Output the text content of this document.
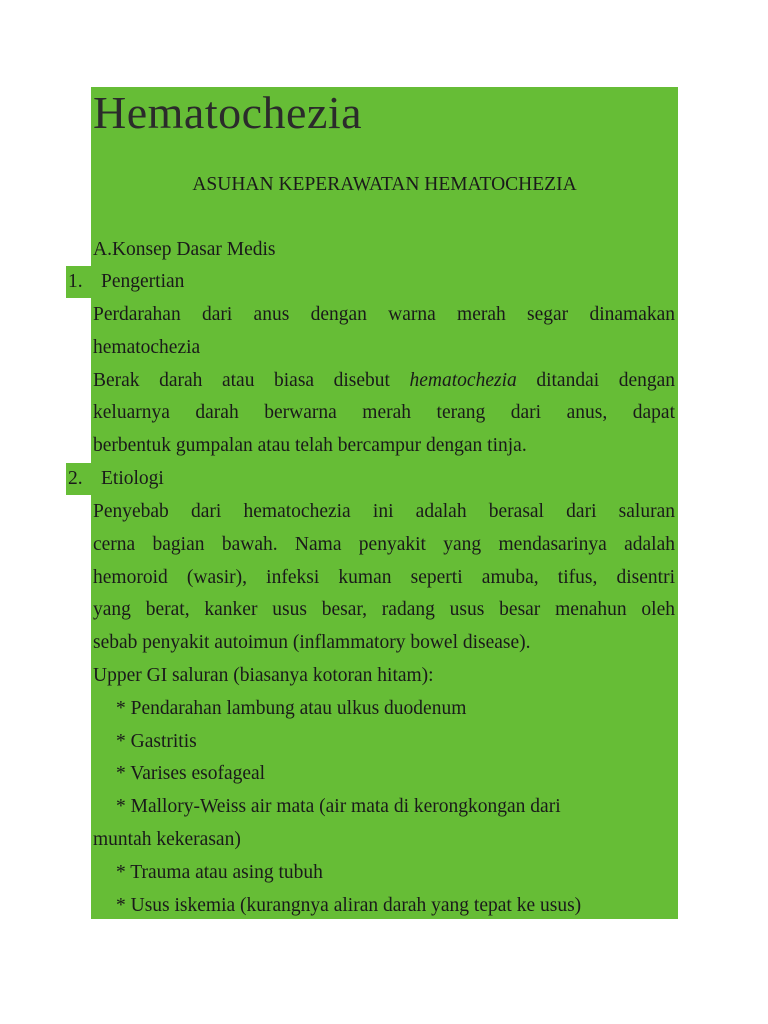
Hematochezia
ASUHAN KEPERAWATAN HEMATOCHEZIA
A.Konsep Dasar Medis
1. Pengertian
Perdarahan dari anus dengan warna merah segar dinamakan
hematochezia
Berak darah atau biasa disebut hematochezia ditandai dengan
keluarnya darah berwarna merah terang dari anus, dapat
berbentuk gumpalan atau telah bercampur dengan tinja.
2. Etiologi
Penyebab dari hematochezia ini adalah berasal dari saluran
cerna bagian bawah. Nama penyakit yang mendasarinya adalah
hemoroid (wasir), infeksi kuman seperti amuba, tifus, disentri
yang berat, kanker usus besar, radang usus besar menahun oleh
sebab penyakit autoimun (inflammatory bowel disease).
Upper GI saluran (biasanya kotoran hitam):
* Pendarahan lambung atau ulkus duodenum
* Gastritis
* Varises esofageal
* Mallory-Weiss air mata (air mata di kerongkongan dari
muntah kekerasan)
* Trauma atau asing tubuh
* Usus iskemia (kurangnya aliran darah yang tepat ke usus)
